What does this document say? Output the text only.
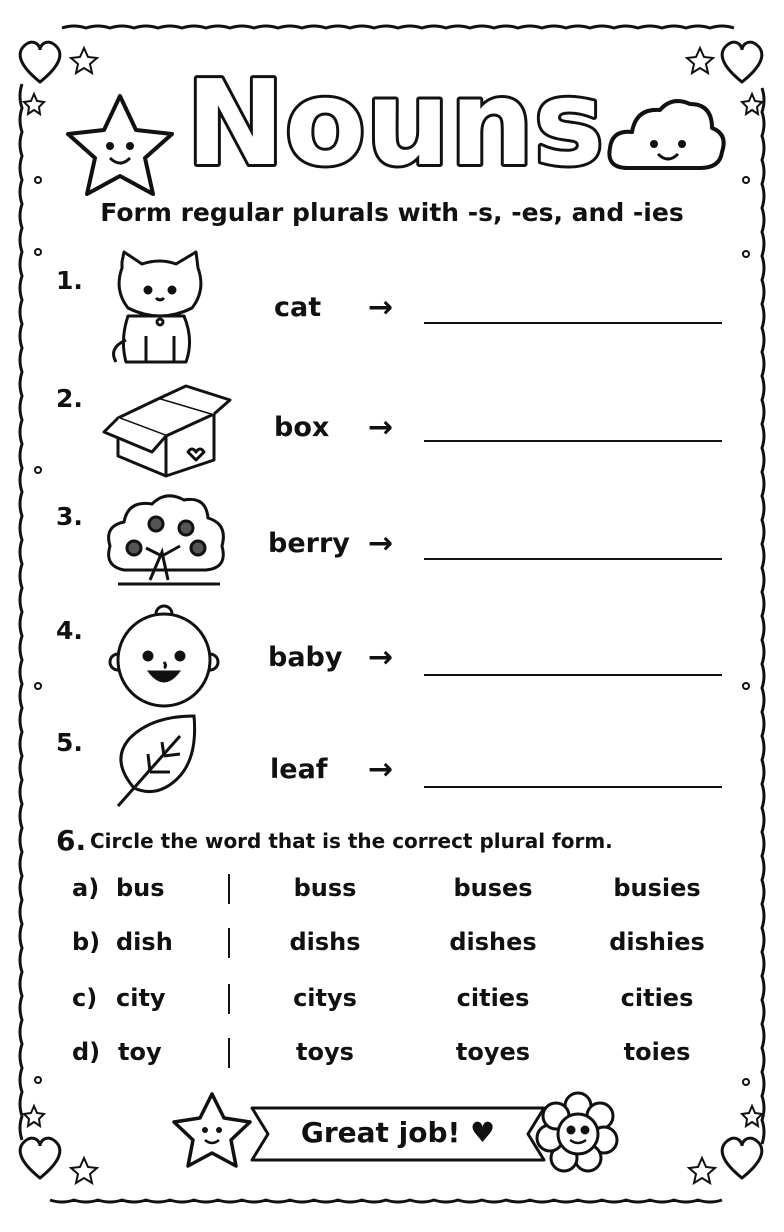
Nouns
Form regular plurals with -s, -es, and -ies
1.
cat →
2.
box →
3.
berry →
4.
baby →
5.
leaf →
6. Circle the word that is the correct plural form.
a) bus	buss	buses	busies
b) dish	dishs	dishes	dishies
c) city	citys	cities	cities
d) toy	toys	toyes	toies
Great job! ♥
